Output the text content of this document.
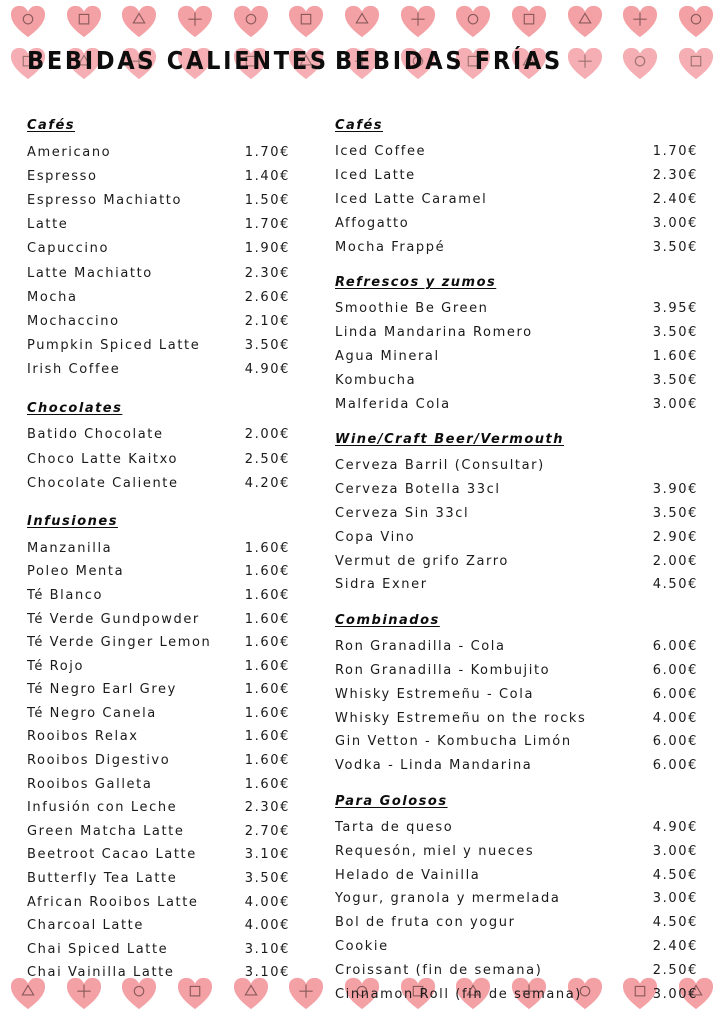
BEBIDAS CALIENTES BEBIDAS FRÍAS
Cafés
Americano	1.70€
Espresso	1.40€
Espresso Machiatto	1.50€
Latte	1.70€
Capuccino	1.90€
Latte Machiatto	2.30€
Mocha	2.60€
Mochaccino	2.10€
Pumpkin Spiced Latte	3.50€
Irish Coffee	4.90€
Chocolates
Batido Chocolate	2.00€
Choco Latte Kaitxo	2.50€
Chocolate Caliente	4.20€
Infusiones
Manzanilla	1.60€
Poleo Menta	1.60€
Té Blanco	1.60€
Té Verde Gundpowder	1.60€
Té Verde Ginger Lemon	1.60€
Té Rojo	1.60€
Té Negro Earl Grey	1.60€
Té Negro Canela	1.60€
Rooibos Relax	1.60€
Rooibos Digestivo	1.60€
Rooibos Galleta	1.60€
Infusión con Leche	2.30€
Green Matcha Latte	2.70€
Beetroot Cacao Latte	3.10€
Butterfly Tea Latte	3.50€
African Rooibos Latte	4.00€
Charcoal Latte	4.00€
Chai Spiced Latte	3.10€
Chai Vainilla Latte	3.10€
Cafés
Iced Coffee	1.70€
Iced Latte	2.30€
Iced Latte Caramel	2.40€
Affogatto	3.00€
Mocha Frappé	3.50€
Refrescos y zumos
Smoothie Be Green	3.95€
Linda Mandarina Romero	3.50€
Agua Mineral	1.60€
Kombucha	3.50€
Malferida Cola	3.00€
Wine/Craft Beer/Vermouth
Cerveza Barril (Consultar)
Cerveza Botella 33cl	3.90€
Cerveza Sin 33cl	3.50€
Copa Vino	2.90€
Vermut de grifo Zarro	2.00€
Sidra Exner	4.50€
Combinados
Ron Granadilla - Cola	6.00€
Ron Granadilla - Kombujito	6.00€
Whisky Estremeñu - Cola	6.00€
Whisky Estremeñu on the rocks	4.00€
Gin Vetton - Kombucha Limón	6.00€
Vodka - Linda Mandarina	6.00€
Para Golosos
Tarta de queso	4.90€
Requesón, miel y nueces	3.00€
Helado de Vainilla	4.50€
Yogur, granola y mermelada	3.00€
Bol de fruta con yogur	4.50€
Cookie	2.40€
Croissant (fin de semana)	2.50€
Cinnamon Roll (fin de semana)	3.00€
